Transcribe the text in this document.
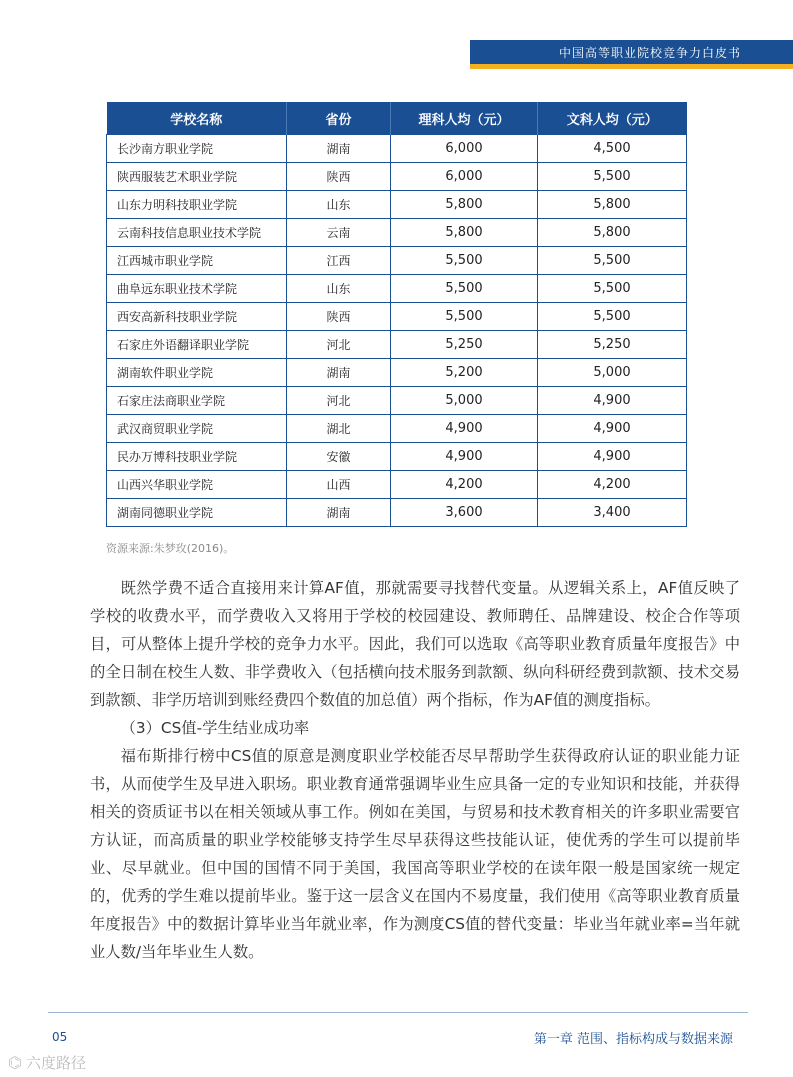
中国高等职业院校竞争力白皮书
学校名称	省份	理科人均（元）	文科人均（元）
长沙南方职业学院	湖南	6,000	4,500
陕西服装艺术职业学院	陕西	6,000	5,500
山东力明科技职业学院	山东	5,800	5,800
云南科技信息职业技术学院	云南	5,800	5,800
江西城市职业学院	江西	5,500	5,500
曲阜远东职业技术学院	山东	5,500	5,500
西安高新科技职业学院	陕西	5,500	5,500
石家庄外语翻译职业学院	河北	5,250	5,250
湖南软件职业学院	湖南	5,200	5,000
石家庄法商职业学院	河北	5,000	4,900
武汉商贸职业学院	湖北	4,900	4,900
民办万博科技职业学院	安徽	4,900	4,900
山西兴华职业学院	山西	4,200	4,200
湖南同德职业学院	湖南	3,600	3,400
资源来源:朱梦玫(2016)。

既然学费不适合直接用来计算AF值，那就需要寻找替代变量。从逻辑关系上，AF值反映了学校的收费水平，而学费收入又将用于学校的校园建设、教师聘任、品牌建设、校企合作等项目，可从整体上提升学校的竞争力水平。因此，我们可以选取《高等职业教育质量年度报告》中的全日制在校生人数、非学费收入（包括横向技术服务到款额、纵向科研经费到款额、技术交易到款额、非学历培训到账经费四个数值的加总值）两个指标，作为AF值的测度指标。

（3）CS值-学生结业成功率

福布斯排行榜中CS值的原意是测度职业学校能否尽早帮助学生获得政府认证的职业能力证书，从而使学生及早进入职场。职业教育通常强调毕业生应具备一定的专业知识和技能，并获得相关的资质证书以在相关领域从事工作。例如在美国，与贸易和技术教育相关的许多职业需要官方认证，而高质量的职业学校能够支持学生尽早获得这些技能认证，使优秀的学生可以提前毕业、尽早就业。但中国的国情不同于美国，我国高等职业学校的在读年限一般是国家统一规定的，优秀的学生难以提前毕业。鉴于这一层含义在国内不易度量，我们使用《高等职业教育质量年度报告》中的数据计算毕业当年就业率，作为测度CS值的替代变量：毕业当年就业率=当年就业人数/当年毕业生人数。

05	第一章 范围、指标构成与数据来源
⌬ 六度路径
